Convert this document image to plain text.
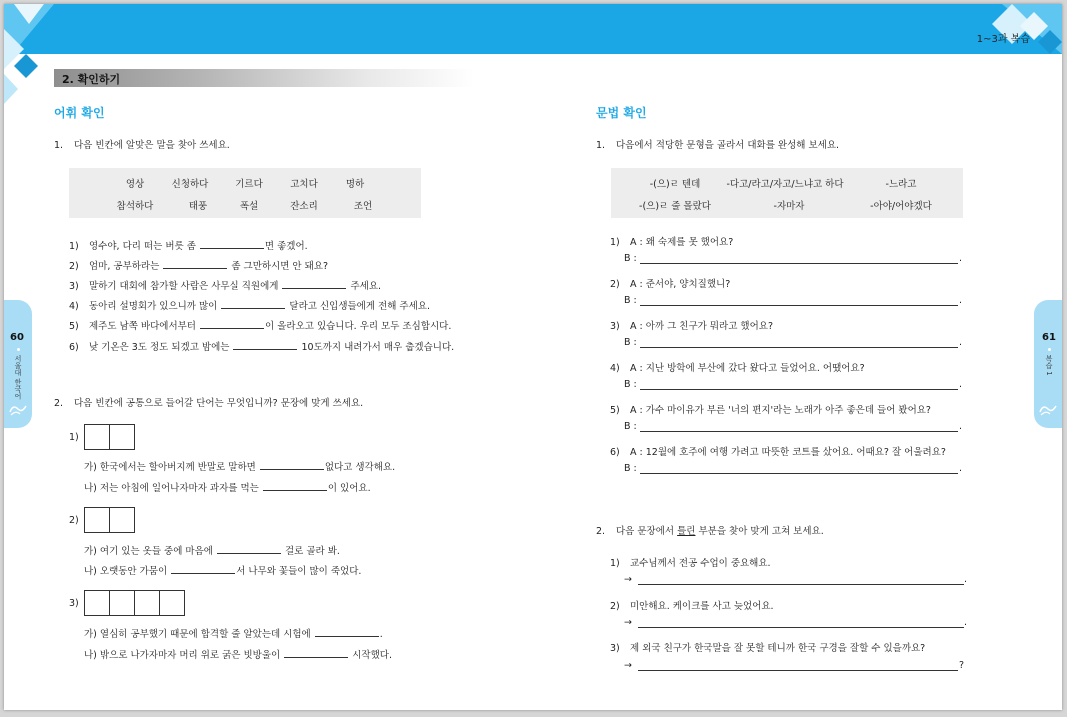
1~3과 복습
2. 확인하기
60
서울대 한국어
61
복습 1
어휘 확인
1. 다음 빈칸에 알맞은 말을 찾아 쓰세요.
영상	신청하다	기르다	고치다	명하
참석하다	태풍	폭설	잔소리	조언
1) 영수야, 다리 떠는 버릇 좀	면 좋겠어.
2) 엄마, 공부하라는	좀 그만하시면 안 돼요?
3) 말하기 대회에 참가할 사람은 사무실 직원에게	주세요.
4) 동아리 설명회가 있으니까 많이	달라고 신입생들에게 전해 주세요.
5) 제주도 남쪽 바다에서부터	이 올라오고 있습니다. 우리 모두 조심합시다.
6) 낮 기온은 3도 정도 되겠고 밤에는	10도까지 내려가서 매우 춥겠습니다.
2. 다음 빈칸에 공통으로 들어갈 단어는 무엇입니까? 문장에 맞게 쓰세요.
1)
가) 한국에서는 할아버지께 반말로 말하면	없다고 생각해요.
나) 저는 아침에 일어나자마자 과자를 먹는	이 있어요.
2)
가) 여기 있는 옷들 중에 마음에	걸로 골라 봐.
나) 오랫동안 가뭄이	서 나무와 꽃들이 많이 죽었다.
3)
가) 열심히 공부했기 때문에 합격할 줄 알았는데 시험에	.
나) 밖으로 나가자마자 머리 위로 굵은 빗방울이	시작했다.
문법 확인
1. 다음에서 적당한 문형을 골라서 대화를 완성해 보세요.
-(으)ㄹ 텐데	-다고/라고/자고/느냐고 하다	-느라고
-(으)ㄹ 줄 몰랐다	-자마자	-아야/어야겠다
1) A : 왜 숙제를 못 했어요?
B :	.
2) A : 준서야, 양치질했니?
B :	.
3) A : 아까 그 친구가 뭐라고 했어요?
B :	.
4) A : 지난 방학에 부산에 갔다 왔다고 들었어요. 어땠어요?
B :	.
5) A : 가수 마이유가 부른 '너의 편지'라는 노래가 아주 좋은데 들어 봤어요?
B :	.
6) A : 12월에 호주에 여행 가려고 따뜻한 코트를 샀어요. 어때요? 잘 어울려요?
B :	.
2. 다음 문장에서 틀린 부분을 찾아 맞게 고쳐 보세요.
1) 교수님께서 전공 수업이 중요해요.
→	.
2) 미안해요. 케이크를 사고 늦었어요.
→	.
3) 제 외국 친구가 한국말을 잘 못할 테니까 한국 구경을 잘할 수 있을까요?
→	?
